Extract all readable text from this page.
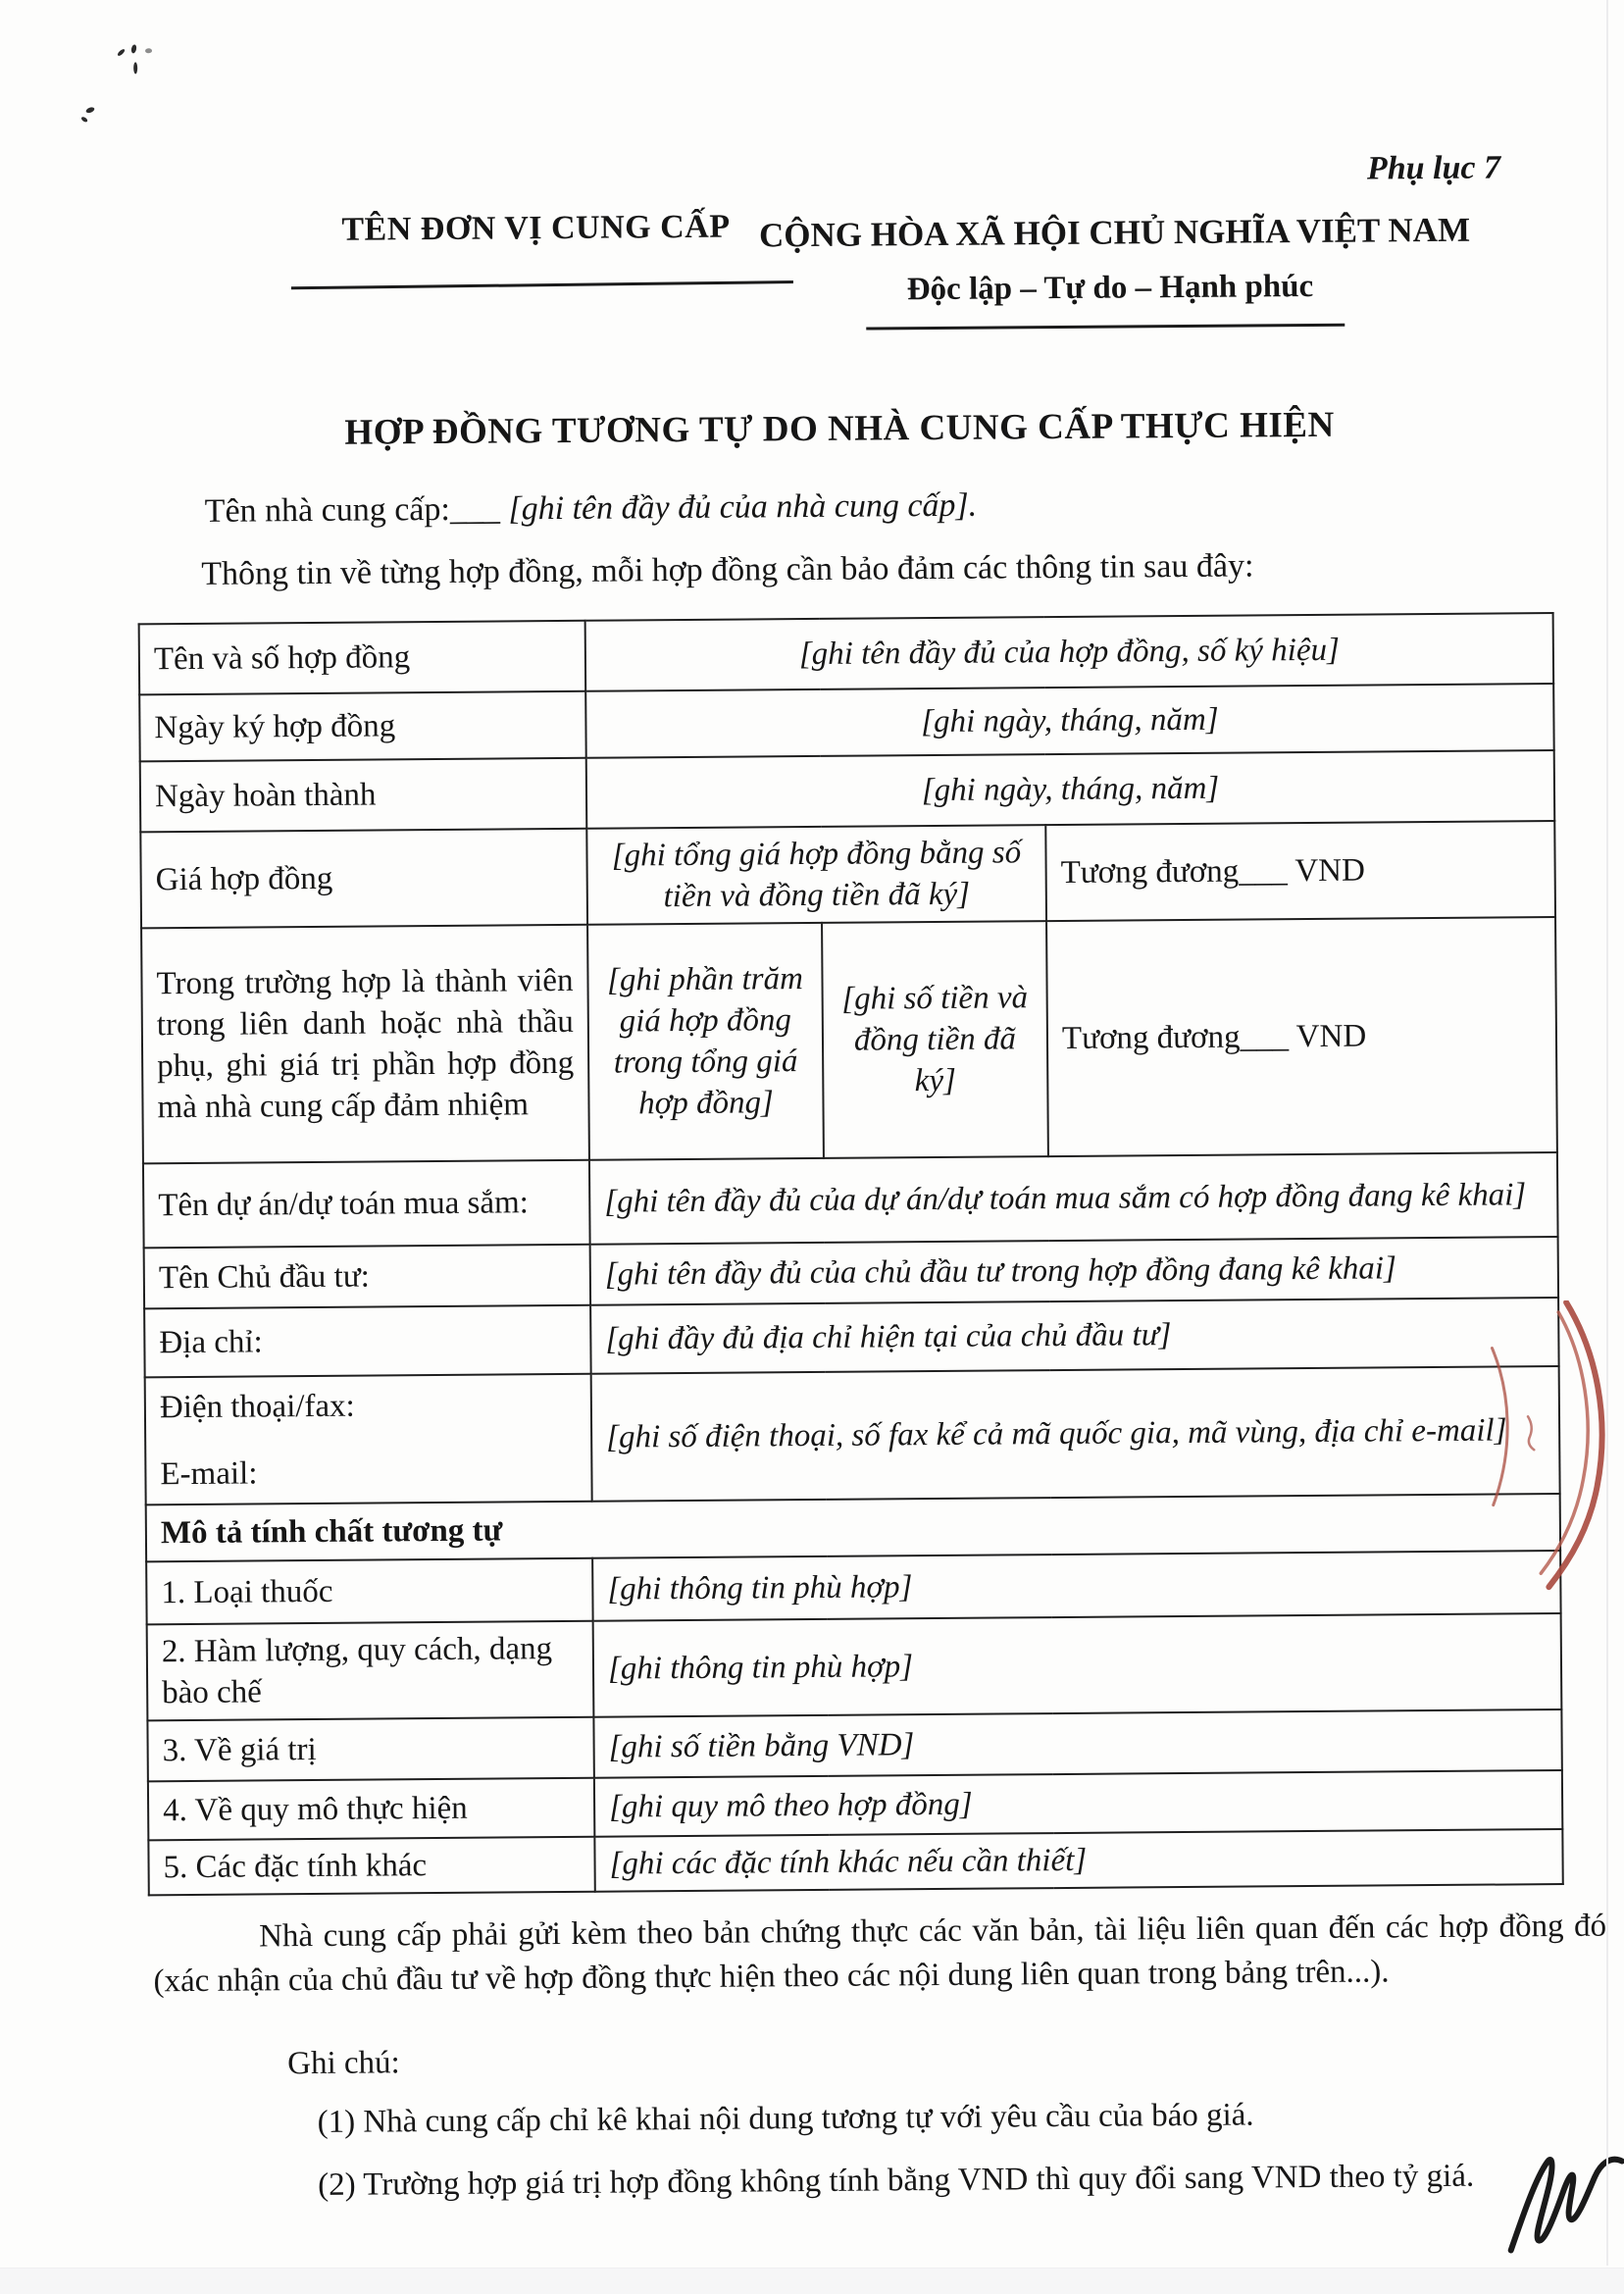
Phụ lục 7
TÊN ĐƠN VỊ CUNG CẤP CỘNG HÒA XÃ HỘI CHỦ NGHĨA VIỆT NAM
Độc lập – Tự do – Hạnh phúc
HỢP ĐỒNG TƯƠNG TỰ DO NHÀ CUNG CẤP THỰC HIỆN
Tên nhà cung cấp:___ [ghi tên đầy đủ của nhà cung cấp].
Thông tin về từng hợp đồng, mỗi hợp đồng cần bảo đảm các thông tin sau đây:
Tên và số hợp đồng	[ghi tên đầy đủ của hợp đồng, số ký hiệu]		
Ngày ký hợp đồng	[ghi ngày, tháng, năm]		
Ngày hoàn thành	[ghi ngày, tháng, năm]		
Giá hợp đồng	[ghi tổng giá hợp đồng bằng số tiền và đồng tiền đã ký]		Tương đương___ VND
Trong trường hợp là thành viên trong liên danh hoặc nhà thầu phụ, ghi giá trị phần hợp đồng mà nhà cung cấp đảm nhiệm	[ghi phần trăm giá hợp đồng trong tổng giá hợp đồng]	[ghi số tiền và đồng tiền đã ký]	Tương đương___ VND
Tên dự án/dự toán mua sắm:	[ghi tên đầy đủ của dự án/dự toán mua sắm có hợp đồng đang kê khai]		
Tên Chủ đầu tư:	[ghi tên đầy đủ của chủ đầu tư trong hợp đồng đang kê khai]		
Địa chỉ:	[ghi đầy đủ địa chỉ hiện tại của chủ đầu tư]		

Điện thoại/fax:
E-mail:	[ghi số điện thoại, số fax kể cả mã quốc gia, mã vùng, địa chỉ e-mail]		
Mô tả tính chất tương tự			
1. Loại thuốc	[ghi thông tin phù hợp]		
2. Hàm lượng, quy cách, dạng bào chế	[ghi thông tin phù hợp]		
3. Về giá trị	[ghi số tiền bằng VND]		
4. Về quy mô thực hiện	[ghi quy mô theo hợp đồng]		
5. Các đặc tính khác	[ghi các đặc tính khác nếu cần thiết]		
Nhà cung cấp phải gửi kèm theo bản chứng thực các văn bản, tài liệu liên quan đến các hợp đồng đó (xác nhận của chủ đầu tư về hợp đồng thực hiện theo các nội dung liên quan trong bảng trên...).
Ghi chú:
(1) Nhà cung cấp chỉ kê khai nội dung tương tự với yêu cầu của báo giá.
(2) Trường hợp giá trị hợp đồng không tính bằng VND thì quy đổi sang VND theo tỷ giá.
